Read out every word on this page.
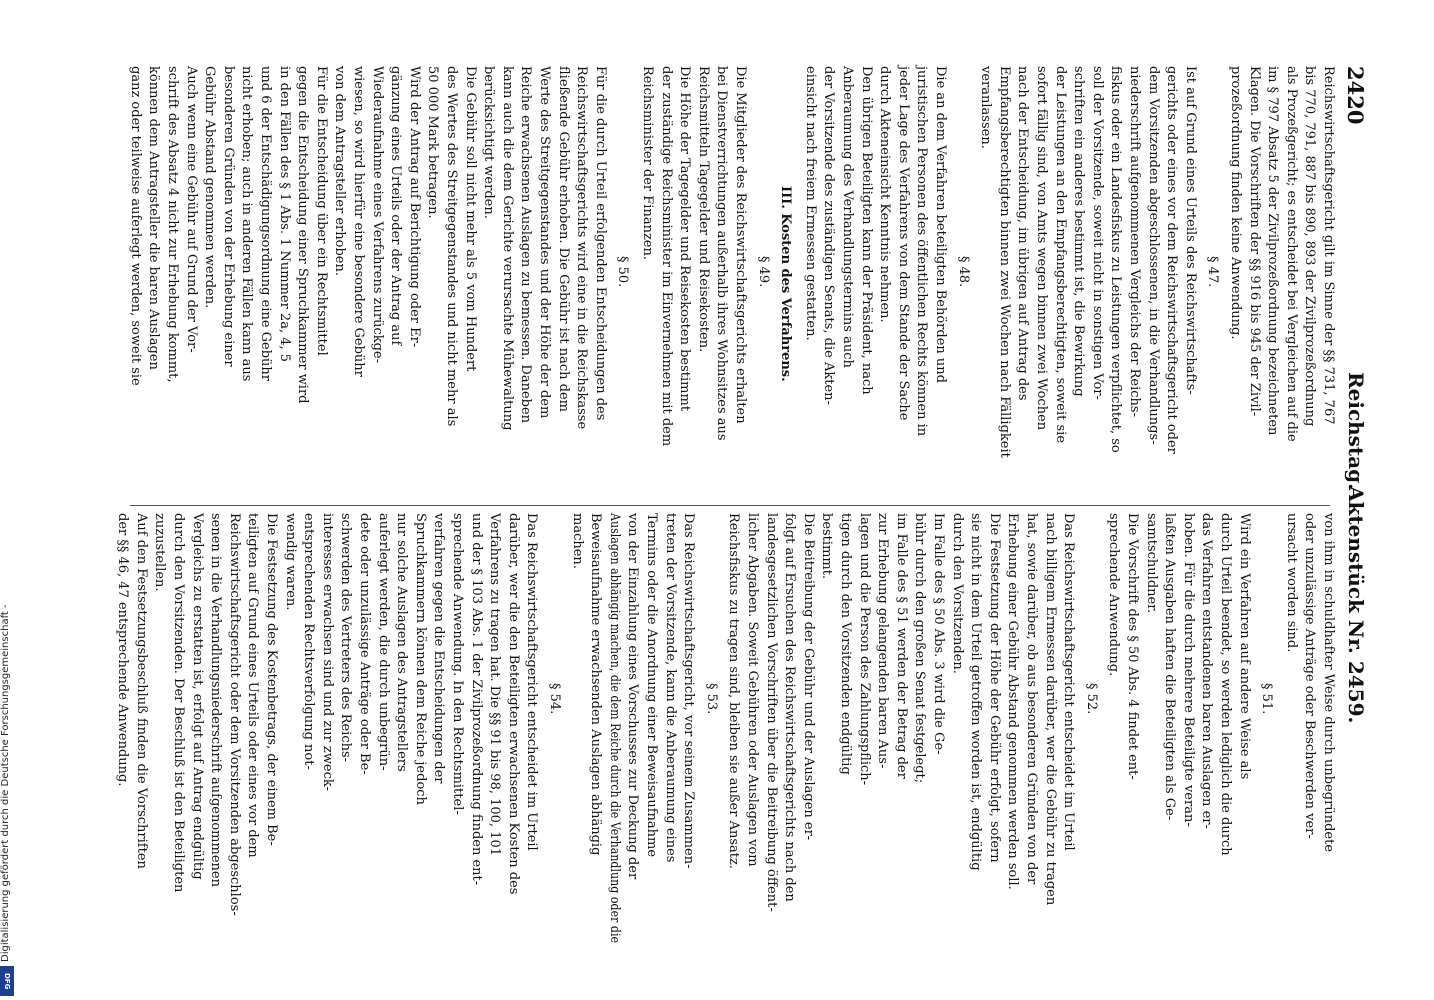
2420
Reichstag.
Aktenstück Nr. 2459.
Reichswirtschaftsgericht gilt im Sinne der §§ 731, 767
bis 770, 791, 887 bis 890, 893 der Zivilprozeßordnung
als Prozeßgericht; es entscheidet bei Vergleichen auf die
im § 797 Absatz 5 der Zivilprozeßordnung bezeichneten
Klagen. Die Vorschriften der §§ 916 bis 945 der Zivil-
prozeßordnung finden keine Anwendung.
§ 47.
Ist auf Grund eines Urteils des Reichswirtschafts-
gerichts oder eines vor dem Reichswirtschaftsgericht oder
dem Vorsitzenden abgeschlossenen, in die Verhandlungs-
niederschrift aufgenommenen Vergleichs der Reichs-
fiskus oder ein Landesfiskus zu Leistungen verpflichtet, so
soll der Vorsitzende, soweit nicht in sonstigen Vor-
schriften ein anderes bestimmt ist, die Bewirkung
der Leistungen an den Empfangsberechtigten, soweit sie
sofort fällig sind, von Amts wegen binnen zwei Wochen
nach der Entscheidung, im übrigen auf Antrag des
Empfangsberechtigten binnen zwei Wochen nach Fälligkeit
veranlassen.
§ 48.
Die an dem Verfahren beteiligten Behörden und
juristischen Personen des öffentlichen Rechts können in
jeder Lage des Verfahrens von dem Stande der Sache
durch Akteneinsicht Kenntnis nehmen.
Den übrigen Beteiligten kann der Präsident, nach
Anberaumung des Verhandlungstermins auch
der Vorsitzende des zuständigen Senats, die Akten-
einsicht nach freiem Ermessen gestatten.
III. Kosten des Verfahrens.
§ 49.
Die Mitglieder des Reichswirtschaftsgerichts erhalten
bei Dienstverrichtungen außerhalb ihres Wohnsitzes aus
Reichsmitteln Tagegelder und Reisekosten.
Die Höhe der Tagegelder und Reisekosten bestimmt
der zuständige Reichsminister im Einvernehmen mit dem
Reichsminister der Finanzen.
§ 50.
Für die durch Urteil erfolgenden Entscheidungen des
Reichswirtschaftsgerichts wird eine in die Reichskasse
fließende Gebühr erhoben. Die Gebühr ist nach dem
Werte des Streitgegenstandes und der Höhe der dem
Reiche erwachsenen Auslagen zu bemessen. Daneben
kann auch die dem Gerichte verursachte Mühewaltung
berücksichtigt werden.
Die Gebühr soll nicht mehr als 5 vom Hundert
des Wertes des Streitgegenstandes und nicht mehr als
50 000 Mark betragen.
Wird der Antrag auf Berichtigung oder Er-
gänzung eines Urteils oder der Antrag auf
Wiederaufnahme eines Verfahrens zurückge-
wiesen, so wird hierfür eine besondere Gebühr
von dem Antragsteller erhoben.
Für die Entscheidung über ein Rechtsmittel
gegen die Entscheidung einer Spruchkammer wird
in den Fällen des § 1 Abs. 1 Nummer 2a, 4, 5
und 6 der Entschädigungsordnung eine Gebühr
nicht erhoben; auch in anderen Fällen kann aus
besonderen Gründen von der Erhebung einer
Gebühr Abstand genommen werden.
Auch wenn eine Gebühr auf Grund der Vor-
schrift des Absatz 4 nicht zur Erhebung kommt,
können dem Antragsteller die baren Auslagen
ganz oder teilweise auferlegt werden, soweit sie
von ihm in schuldhafter Weise durch unbegründete
oder unzulässige Anträge oder Beschwerden ver-
ursacht worden sind.
§ 51.
Wird ein Verfahren auf andere Weise als
durch Urteil beendet, so werden lediglich die durch
das Verfahren entstandenen baren Auslagen er-
hoben. Für die durch mehrere Beteiligte veran-
laßten Ausgaben haften die Beteiligten als Ge-
samtschuldner.
Die Vorschrift des § 50 Abs. 4 findet ent-
sprechende Anwendung.
§ 52.
Das Reichswirtschaftsgericht entscheidet im Urteil
nach billigem Ermessen darüber, wer die Gebühr zu tragen
hat, sowie darüber, ob aus besonderen Gründen von der
Erhebung einer Gebühr Abstand genommen werden soll.
Die Festsetzung der Höhe der Gebühr erfolgt, sofern
sie nicht in dem Urteil getroffen worden ist, endgültig
durch den Vorsitzenden.
Im Falle des § 50 Abs. 3 wird die Ge-
bühr durch den großen Senat festgelegt;
im Falle des § 51 werden der Betrag der
zur Erhebung gelangenden baren Aus-
lagen und die Person des Zahlungspflich-
tigen durch den Vorsitzenden endgültig
bestimmt.
Die Beitreibung der Gebühr und der Auslagen er-
folgt auf Ersuchen des Reichswirtschaftsgerichts nach den
landesgesetzlichen Vorschriften über die Beitreibung öffent-
licher Abgaben. Soweit Gebühren oder Auslagen vom
Reichsfiskus zu tragen sind, bleiben sie außer Ansatz.
§ 53.
Das Reichswirtschaftsgericht, vor seinem Zusammen-
treten der Vorsitzende, kann die Anberaumung eines
Termins oder die Anordnung einer Beweisaufnahme
von der Einzahlung eines Vorschusses zur Deckung der
Auslagen abhängig machen, die dem Reiche durch die Verhandlung oder die
Beweisaufnahme erwachsenden Auslagen abhängig
machen.
§ 54.
Das Reichswirtschaftsgericht entscheidet im Urteil
darüber, wer die den Beteiligten erwachsenen Kosten des
Verfahrens zu tragen hat. Die §§ 91 bis 98, 100, 101
und der § 103 Abs. 1 der Zivilprozeßordnung finden ent-
sprechende Anwendung. In den Rechtsmittel-
verfahren gegen die Entscheidungen der
Spruchkammern können dem Reiche jedoch
nur solche Auslagen des Antragstellers
auferlegt werden, die durch unbegrün-
dete oder unzulässige Anträge oder Be-
schwerden des Vertreters des Reichs-
interesses erwachsen sind und zur zweck-
entsprechenden Rechtsverfolgung not-
wendig waren.
Die Festsetzung des Kostenbetrags, der einem Be-
teiligten auf Grund eines Urteils oder eines vor dem
Reichswirtschaftsgericht oder dem Vorsitzenden abgeschlos-
senen in die Verhandlungsniederschrift aufgenommenen
Vergleichs zu erstatten ist, erfolgt auf Antrag endgültig
durch den Vorsitzenden. Der Beschluß ist den Beteiligten
zuzustellen.
Auf den Festsetzungsbeschluß finden die Vorschriften
der §§ 46, 47 entsprechende Anwendung.
Digitalisierung gefördert durch die Deutsche Forschungsgemeinschaft -
DFG
